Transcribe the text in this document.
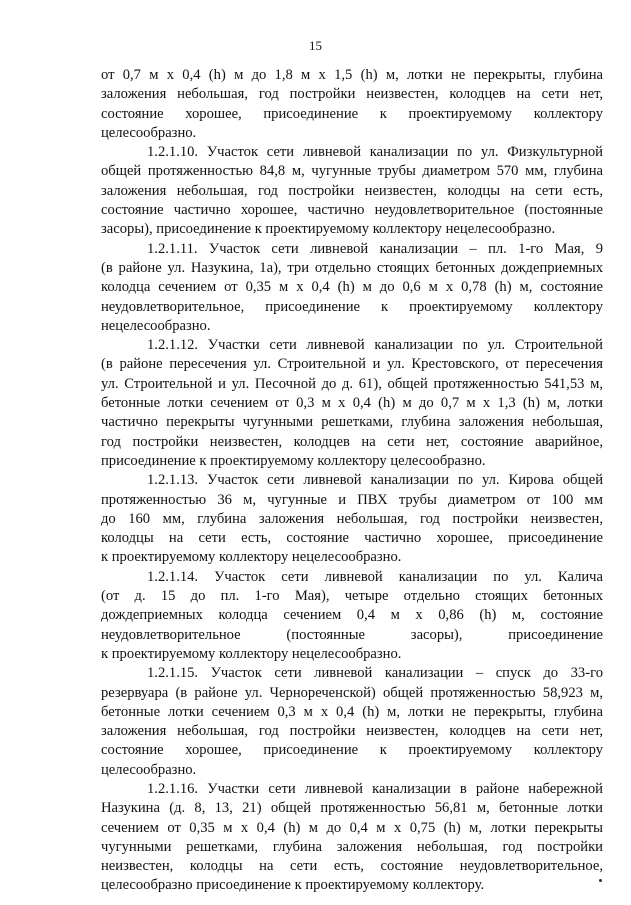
15
от 0,7 м x 0,4 (h) м до 1,8 м x 1,5 (h) м, лотки не перекрыты, глубина
заложения небольшая, год постройки неизвестен, колодцев на сети нет,
состояние хорошее, присоединение к проектируемому коллектору
целесообразно.
1.2.1.10. Участок сети ливневой канализации по ул. Физкультурной
общей протяженностью 84,8 м, чугунные трубы диаметром 570 мм, глубина
заложения небольшая, год постройки неизвестен, колодцы на сети есть,
состояние частично хорошее, частично неудовлетворительное (постоянные
засоры), присоединение к проектируемому коллектору нецелесообразно.
1.2.1.11. Участок сети ливневой канализации – пл. 1-го Мая, 9
(в районе ул. Назукина, 1а), три отдельно стоящих бетонных дождеприемных
колодца сечением от 0,35 м x 0,4 (h) м до 0,6 м x 0,78 (h) м, состояние
неудовлетворительное, присоединение к проектируемому коллектору
нецелесообразно.
1.2.1.12. Участки сети ливневой канализации по ул. Строительной
(в районе пересечения ул. Строительной и ул. Крестовского, от пересечения
ул. Строительной и ул. Песочной до д. 61), общей протяженностью 541,53 м,
бетонные лотки сечением от 0,3 м x 0,4 (h) м до 0,7 м x 1,3 (h) м, лотки
частично перекрыты чугунными решетками, глубина заложения небольшая,
год постройки неизвестен, колодцев на сети нет, состояние аварийное,
присоединение к проектируемому коллектору целесообразно.
1.2.1.13. Участок сети ливневой канализации по ул. Кирова общей
протяженностью 36 м, чугунные и ПВХ трубы диаметром от 100 мм
до 160 мм, глубина заложения небольшая, год постройки неизвестен,
колодцы на сети есть, состояние частично хорошее, присоединение
к проектируемому коллектору нецелесообразно.
1.2.1.14. Участок сети ливневой канализации по ул. Калича
(от д. 15 до пл. 1-го Мая), четыре отдельно стоящих бетонных
дождеприемных колодца сечением 0,4 м x 0,86 (h) м, состояние
неудовлетворительное (постоянные засоры), присоединение
к проектируемому коллектору нецелесообразно.
1.2.1.15. Участок сети ливневой канализации – спуск до 33-го
резервуара (в районе ул. Чернореченской) общей протяженностью 58,923 м,
бетонные лотки сечением 0,3 м x 0,4 (h) м, лотки не перекрыты, глубина
заложения небольшая, год постройки неизвестен, колодцев на сети нет,
состояние хорошее, присоединение к проектируемому коллектору
целесообразно.
1.2.1.16. Участки сети ливневой канализации в районе набережной
Назукина (д. 8, 13, 21) общей протяженностью 56,81 м, бетонные лотки
сечением от 0,35 м x 0,4 (h) м до 0,4 м x 0,75 (h) м, лотки перекрыты
чугунными решетками, глубина заложения небольшая, год постройки
неизвестен, колодцы на сети есть, состояние неудовлетворительное,
целесообразно присоединение к проектируемому коллектору.
